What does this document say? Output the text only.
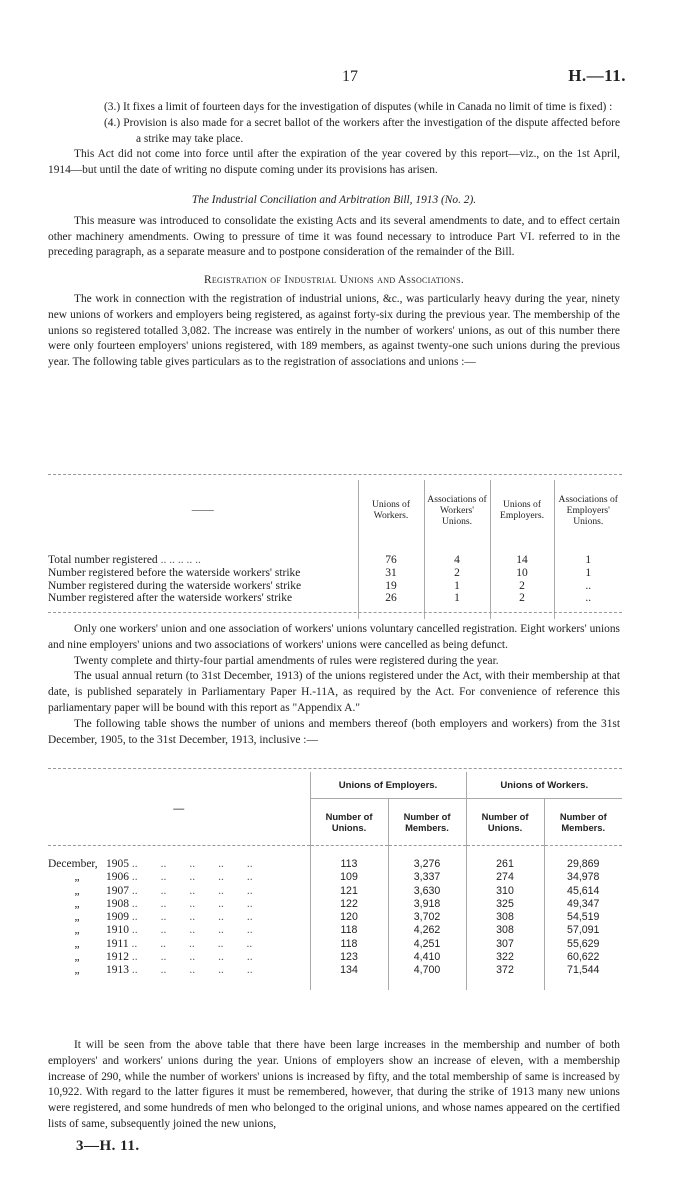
17	H.—11.

(3.) It fixes a limit of fourteen days for the investigation of disputes (while in Canada no limit of time is fixed) :

(4.) Provision is also made for a secret ballot of the workers after the investigation of the dispute affected before a strike may take place.

This Act did not come into force until after the expiration of the year covered by this report—viz., on the 1st April, 1914—but until the date of writing no dispute coming under its provisions has arisen.

The Industrial Conciliation and Arbitration Bill, 1913 (No. 2).

This measure was introduced to consolidate the existing Acts and its several amendments to date, and to effect certain other machinery amendments. Owing to pressure of time it was found necessary to introduce Part VI. referred to in the preceding paragraph, as a separate measure and to postpone consideration of the remainder of the Bill.

Registration of Industrial Unions and Associations.

The work in connection with the registration of industrial unions, &c., was particularly heavy during the year, ninety new unions of workers and employers being registered, as against forty-six during the previous year. The membership of the unions so registered totalled 3,082. The increase was entirely in the number of workers' unions, as out of this number there were only fourteen employers' unions registered, with 189 members, as against twenty-one such unions during the previous year. The following table gives particulars as to the registration of associations and unions :—

——	Unions of Workers.	Associations of Workers' Unions.	Unions of Employers.	Associations of Employers' Unions.

Total number registered .. .. .. .. ..	76	4	14	1
Number registered before the waterside workers' strike	31	2	10	1
Number registered during the waterside workers' strike	19	1	2	..
Number registered after the waterside workers' strike	26	1	2	..

Only one workers' union and one association of workers' unions voluntary cancelled registration. Eight workers' unions and nine employers' unions and two associations of workers' unions were cancelled as being defunct.

Twenty complete and thirty-four partial amendments of rules were registered during the year.

The usual annual return (to 31st December, 1913) of the unions registered under the Act, with their membership at that date, is published separately in Parliamentary Paper H.-11A, as required by the Act. For convenience of reference this parliamentary paper will be bound with this report as "Appendix A."

The following table shows the number of unions and members thereof (both employers and workers) from the 31st December, 1905, to the 31st December, 1913, inclusive :—

—	Unions of Employers.		Unions of Workers.	
	Number of Unions.	Number of Members.	Number of Unions.	Number of Members.

December, 1905 ..        ..        ..        ..        ..	113	3,276	261	29,869
„ 1906 ..        ..        ..        ..        ..	109	3,337	274	34,978
„ 1907 ..        ..        ..        ..        ..	121	3,630	310	45,614
„ 1908 ..        ..        ..        ..        ..	122	3,918	325	49,347
„ 1909 ..        ..        ..        ..        ..	120	3,702	308	54,519
„ 1910 ..        ..        ..        ..        ..	118	4,262	308	57,091
„ 1911 ..        ..        ..        ..        ..	118	4,251	307	55,629
„ 1912 ..        ..        ..        ..        ..	123	4,410	322	60,622
„ 1913 ..        ..        ..        ..        ..	134	4,700	372	71,544

It will be seen from the above table that there have been large increases in the membership and number of both employers' and workers' unions during the year. Unions of employers show an increase of eleven, with a membership increase of 290, while the number of workers' unions is increased by fifty, and the total membership of same is increased by 10,922. With regard to the latter figures it must be remembered, however, that during the strike of 1913 many new unions were registered, and some hundreds of men who belonged to the original unions, and whose names appeared on the certified lists of same, subsequently joined the new unions,

3—H. 11.
